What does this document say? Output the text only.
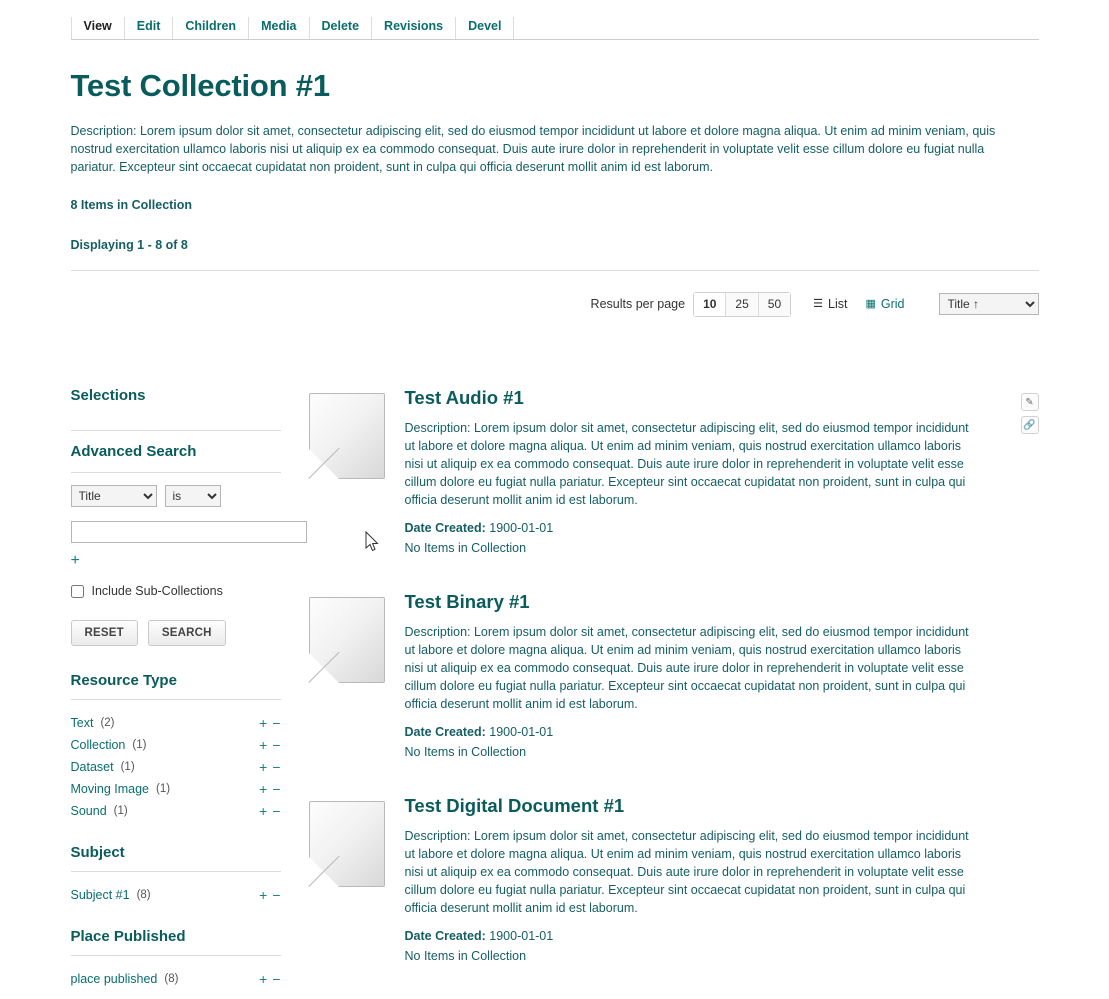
View	Edit	Children	Media	Delete	Revisions	Devel
Test Collection #1

Description: Lorem ipsum dolor sit amet, consectetur adipiscing elit, sed do eiusmod tempor incididunt ut labore et dolore magna aliqua. Ut enim ad minim veniam, quis nostrud exercitation ullamco laboris nisi ut aliquip ex ea commodo consequat. Duis aute irure dolor in reprehenderit in voluptate velit esse cillum dolore eu fugiat nulla pariatur. Excepteur sint occaecat cupidatat non proident, sunt in culpa qui officia deserunt mollit anim id est laborum.

8 Items in Collection
Displaying 1 - 8 of 8
Results per page	10	25	50	☰ List ▦ Grid
Title ↑
Selections
Advanced Search
Title
is
+
Include Sub-Collections
RESET	SEARCH
Resource Type
Text (2)	+ −
Collection (1)	+ −
Dataset (1)	+ −
Moving Image (1)	+ −
Sound (1)	+ −
Subject
Subject #1 (8)	+ −
Place Published
place published (8)	+ −
Test Audio #1
Description: Lorem ipsum dolor sit amet, consectetur adipiscing elit, sed do eiusmod tempor incididunt ut labore et dolore magna aliqua. Ut enim ad minim veniam, quis nostrud exercitation ullamco laboris nisi ut aliquip ex ea commodo consequat. Duis aute irure dolor in reprehenderit in voluptate velit esse cillum dolore eu fugiat nulla pariatur. Excepteur sint occaecat cupidatat non proident, sunt in culpa qui officia deserunt mollit anim id est laborum.
Date Created: 1900-01-01
No Items in Collection
✎
🔗
Test Binary #1
Description: Lorem ipsum dolor sit amet, consectetur adipiscing elit, sed do eiusmod tempor incididunt ut labore et dolore magna aliqua. Ut enim ad minim veniam, quis nostrud exercitation ullamco laboris nisi ut aliquip ex ea commodo consequat. Duis aute irure dolor in reprehenderit in voluptate velit esse cillum dolore eu fugiat nulla pariatur. Excepteur sint occaecat cupidatat non proident, sunt in culpa qui officia deserunt mollit anim id est laborum.
Date Created: 1900-01-01
No Items in Collection
Test Digital Document #1
Description: Lorem ipsum dolor sit amet, consectetur adipiscing elit, sed do eiusmod tempor incididunt ut labore et dolore magna aliqua. Ut enim ad minim veniam, quis nostrud exercitation ullamco laboris nisi ut aliquip ex ea commodo consequat. Duis aute irure dolor in reprehenderit in voluptate velit esse cillum dolore eu fugiat nulla pariatur. Excepteur sint occaecat cupidatat non proident, sunt in culpa qui officia deserunt mollit anim id est laborum.
Date Created: 1900-01-01
No Items in Collection
